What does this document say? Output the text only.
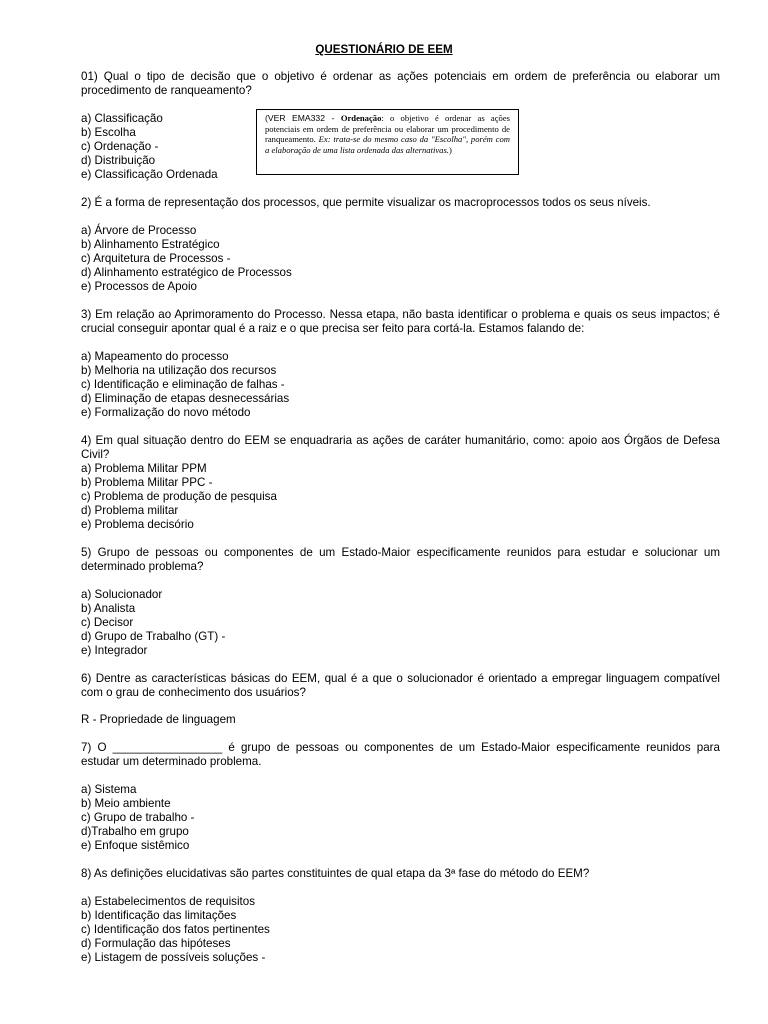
QUESTIONÁRIO DE EEM

01) Qual o tipo de decisão que o objetivo é ordenar as ações potenciais em ordem de preferência ou elaborar um procedimento de ranqueamento?

a) Classificação
b) Escolha
c) Ordenação -
d) Distribuição
e) Classificação Ordenada
(VER EMA332 - Ordenação: o objetivo é ordenar as ações potenciais em ordem de preferência ou elaborar um procedimento de ranqueamento. Ex: trata-se do mesmo caso da "Escolha", porém com a elaboração de uma lista ordenada das alternativas.)

2) É a forma de representação dos processos, que permite visualizar os macroprocessos todos os seus níveis.

a) Árvore de Processo
b) Alinhamento Estratégico
c) Arquitetura de Processos -
d) Alinhamento estratégico de Processos
e) Processos de Apoio

3) Em relação ao Aprimoramento do Processo. Nessa etapa, não basta identificar o problema e quais os seus impactos; é crucial conseguir apontar qual é a raiz e o que precisa ser feito para cortá-la. Estamos falando de:

a) Mapeamento do processo
b) Melhoria na utilização dos recursos
c) Identificação e eliminação de falhas -
d) Eliminação de etapas desnecessárias
e) Formalização do novo método

4) Em qual situação dentro do EEM se enquadraria as ações de caráter humanitário, como: apoio aos Órgãos de Defesa Civil?

a) Problema Militar PPM
b) Problema Militar PPC -
c) Problema de produção de pesquisa
d) Problema militar
e) Problema decisório

5) Grupo de pessoas ou componentes de um Estado-Maior especificamente reunidos para estudar e solucionar um determinado problema?

a) Solucionador
b) Analista
c) Decisor
d) Grupo de Trabalho (GT) -
e) Integrador

6) Dentre as características básicas do EEM, qual é a que o solucionador é orientado a empregar linguagem compatível com o grau de conhecimento dos usuários?

R - Propriedade de linguagem

7) O _________________ é grupo de pessoas ou componentes de um Estado-Maior especificamente reunidos para estudar um determinado problema.

a) Sistema
b) Meio ambiente
c) Grupo de trabalho -
d)Trabalho em grupo
e) Enfoque sistêmico

8) As definições elucidativas são partes constituintes de qual etapa da 3ª fase do método do EEM?

a) Estabelecimentos de requisitos
b) Identificação das limitações
c) Identificação dos fatos pertinentes
d) Formulação das hipóteses
e) Listagem de possíveis soluções -
